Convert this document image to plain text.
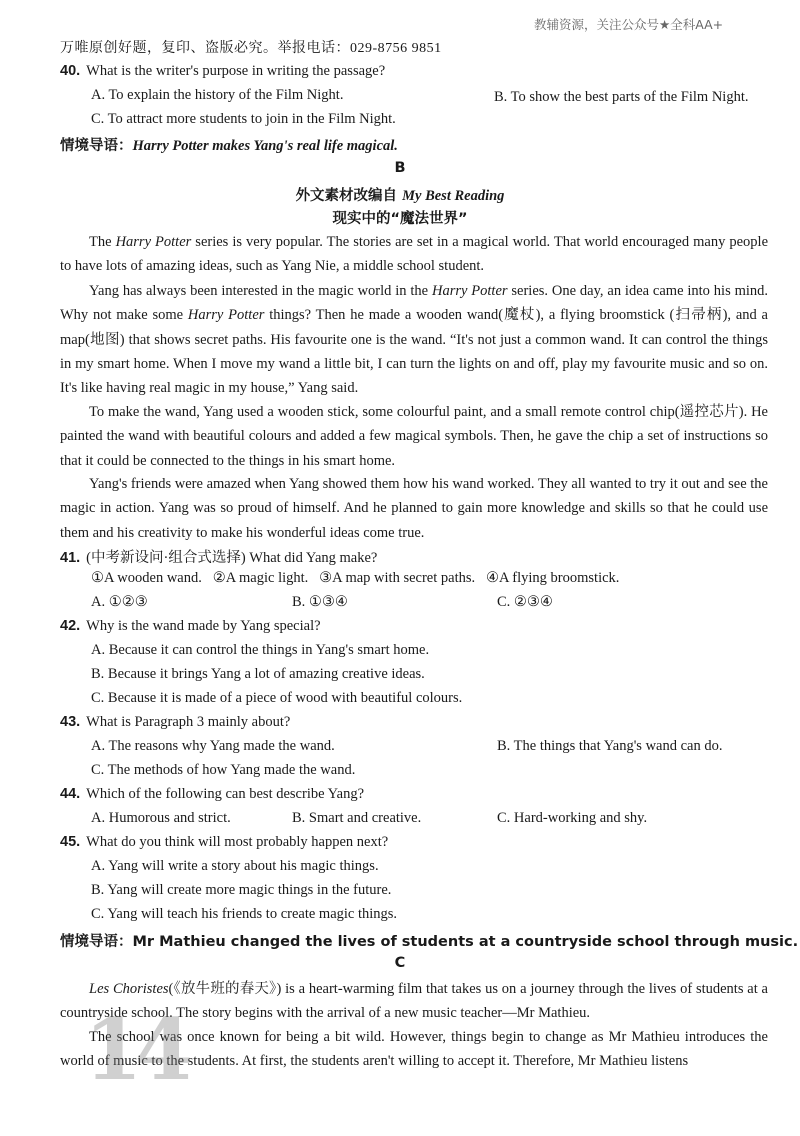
万唯原创好题，复印、盗版必究。举报电话：029-8756 9851
教辅资源，关注公众号★全科AA+
40. What is the writer's purpose in writing the passage?
A. To explain the history of the Film Night.	B. To show the best parts of the Film Night.
C. To attract more students to join in the Film Night.
情境导语：Harry Potter makes Yang's real life magical.
B
外文素材改编自 My Best Reading
现实中的“魔法世界”
The Harry Potter series is very popular. The stories are set in a magical world. That world encouraged many people to have lots of amazing ideas, such as Yang Nie, a middle school student.
Yang has always been interested in the magic world in the Harry Potter series. One day, an idea came into his mind. Why not make some Harry Potter things? Then he made a wooden wand(魔杖), a flying broomstick (扫帚柄), and a map(地图) that shows secret paths. His favourite one is the wand. “It's not just a common wand. It can control the things in my smart home. When I move my wand a little bit, I can turn the lights on and off, play my favourite music and so on. It's like having real magic in my house,” Yang said.
To make the wand, Yang used a wooden stick, some colourful paint, and a small remote control chip(遥控芯片). He painted the wand with beautiful colours and added a few magical symbols. Then, he gave the chip a set of instructions so that it could be connected to the things in his smart home.
Yang's friends were amazed when Yang showed them how his wand worked. They all wanted to try it out and see the magic in action. Yang was so proud of himself. And he planned to gain more knowledge and skills so that he could use them and his creativity to make his wonderful ideas come true.
41. (中考新设问·组合式选择) What did Yang make?
①A wooden wand.   ②A magic light.   ③A map with secret paths.   ④A flying broomstick.
A. ①②③	B. ①③④	C. ②③④
42. Why is the wand made by Yang special?
A. Because it can control the things in Yang's smart home.
B. Because it brings Yang a lot of amazing creative ideas.
C. Because it is made of a piece of wood with beautiful colours.
43. What is Paragraph 3 mainly about?
A. The reasons why Yang made the wand.	B. The things that Yang's wand can do.
C. The methods of how Yang made the wand.
44. Which of the following can best describe Yang?
A. Humorous and strict.	B. Smart and creative.	C. Hard-working and shy.
45. What do you think will most probably happen next?
A. Yang will write a story about his magic things.
B. Yang will create more magic things in the future.
C. Yang will teach his friends to create magic things.
情境导语：Mr Mathieu changed the lives of students at a countryside school through music.
C
Les Choristes(《放牛班的春天》) is a heart-warming film that takes us on a journey through the lives of students at a countryside school. The story begins with the arrival of a new music teacher—Mr Mathieu.
The school was once known for being a bit wild. However, things begin to change as Mr Mathieu introduces the world of music to the students. At first, the students aren't willing to accept it. Therefore, Mr Mathieu listens
14
